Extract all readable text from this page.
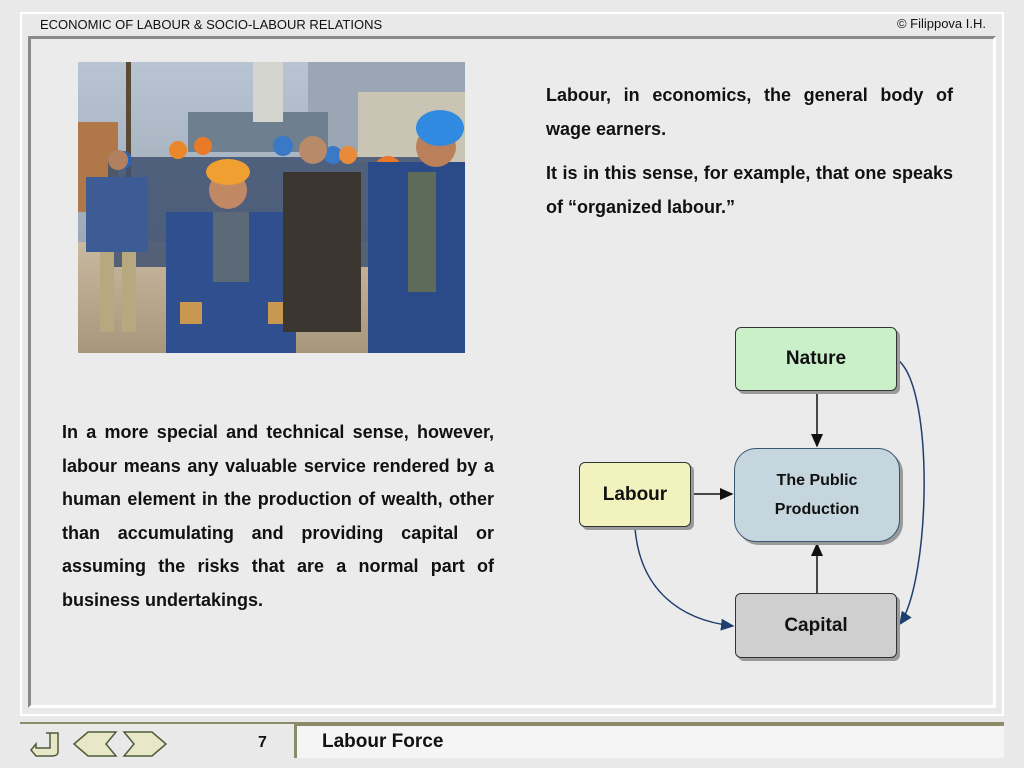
ECONOMIC OF LABOUR & SOCIO-LABOUR RELATIONS	© Filippova I.H.

Labour, in economics, the general body of wage earners.

It is in this sense, for example, that one speaks of “organized labour.”

In a more special and technical sense, however, labour means any valuable service rendered by a human element in the production of wealth, other than accumulating and providing capital or assuming the risks that are a normal part of business undertakings.
Nature
Labour
The Public
Production
Capital
7	Labour Force
